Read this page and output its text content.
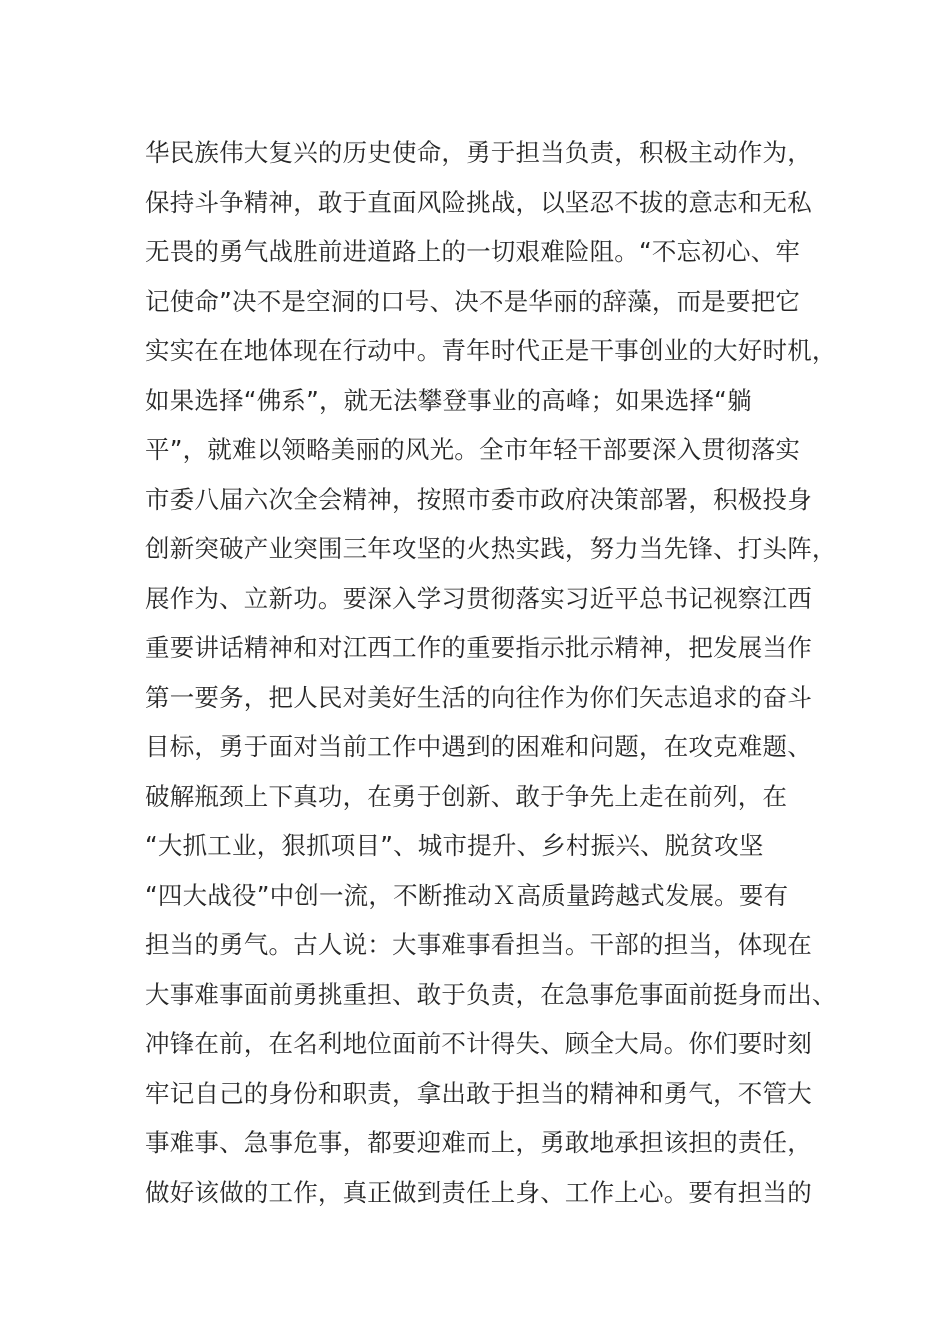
华民族伟大复兴的历史使命，勇于担当负责，积极主动作为，
保持斗争精神，敢于直面风险挑战，以坚忍不拔的意志和无私
无畏的勇气战胜前进道路上的一切艰难险阻。“不忘初心、牢
记使命”决不是空洞的口号、决不是华丽的辞藻，而是要把它
实实在在地体现在行动中。青年时代正是干事创业的大好时机，
如果选择“佛系”，就无法攀登事业的高峰；如果选择“躺
平”，就难以领略美丽的风光。全市年轻干部要深入贯彻落实
市委八届六次全会精神，按照市委市政府决策部署，积极投身
创新突破产业突围三年攻坚的火热实践，努力当先锋、打头阵，
展作为、立新功。要深入学习贯彻落实习近平总书记视察江西
重要讲话精神和对江西工作的重要指示批示精神，把发展当作
第一要务，把人民对美好生活的向往作为你们矢志追求的奋斗
目标，勇于面对当前工作中遇到的困难和问题，在攻克难题、
破解瓶颈上下真功，在勇于创新、敢于争先上走在前列，在
“大抓工业，狠抓项目”、城市提升、乡村振兴、脱贫攻坚
“四大战役”中创一流，不断推动Ｘ高质量跨越式发展。要有
担当的勇气。古人说：大事难事看担当。干部的担当，体现在
大事难事面前勇挑重担、敢于负责，在急事危事面前挺身而出、
冲锋在前，在名利地位面前不计得失、顾全大局。你们要时刻
牢记自己的身份和职责，拿出敢于担当的精神和勇气，不管大
事难事、急事危事，都要迎难而上，勇敢地承担该担的责任，
做好该做的工作，真正做到责任上身、工作上心。要有担当的
